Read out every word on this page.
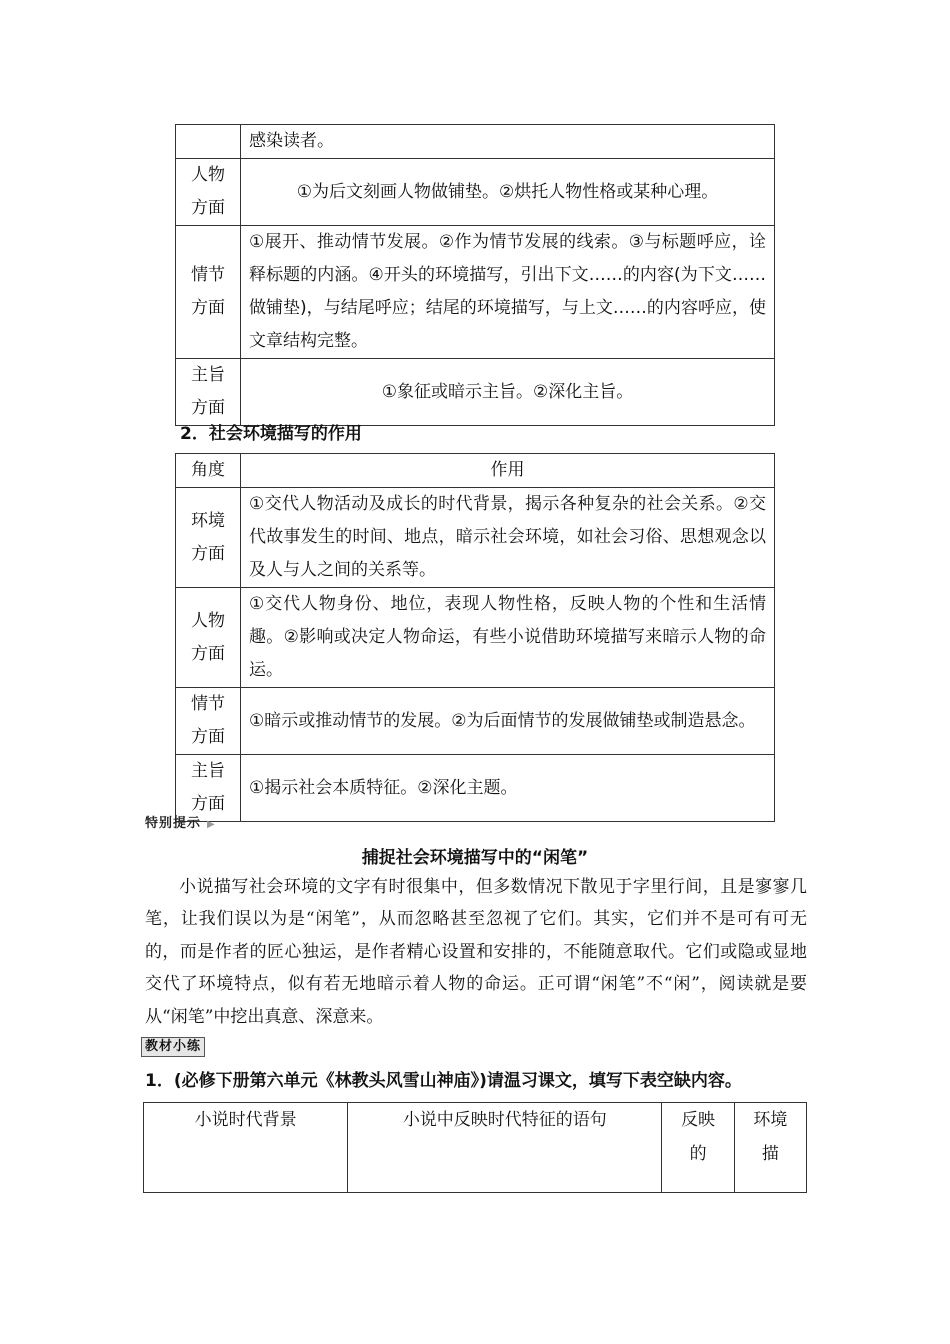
	感染读者。
人物方面	①为后文刻画人物做铺垫。②烘托人物性格或某种心理。
情节方面	①展开、推动情节发展。②作为情节发展的线索。③与标题呼应，诠释标题的内涵。④开头的环境描写，引出下文……的内容(为下文……做铺垫)，与结尾呼应；结尾的环境描写，与上文……的内容呼应，使文章结构完整。
主旨方面	①象征或暗示主旨。②深化主旨。
2．社会环境描写的作用
角度	作用
环境方面	①交代人物活动及成长的时代背景，揭示各种复杂的社会关系。②交代故事发生的时间、地点，暗示社会环境，如社会习俗、思想观念以及人与人之间的关系等。
人物方面	①交代人物身份、地位，表现人物性格，反映人物的个性和生活情趣。②影响或决定人物命运，有些小说借助环境描写来暗示人物的命运。
情节方面	①暗示或推动情节的发展。②为后面情节的发展做铺垫或制造悬念。
主旨方面	①揭示社会本质特征。②深化主题。
特别提示 ▶
捕捉社会环境描写中的“闲笔”

小说描写社会环境的文字有时很集中，但多数情况下散见于字里行间，且是寥寥几笔，让我们误以为是“闲笔”，从而忽略甚至忽视了它们。其实，它们并不是可有可无的，而是作者的匠心独运，是作者精心设置和安排的，不能随意取代。它们或隐或显地交代了环境特点，似有若无地暗示着人物的命运。正可谓“闲笔”不“闲”，阅读就是要从“闲笔”中挖出真意、深意来。

教材小练
1．(必修下册第六单元《林教头风雪山神庙》)请温习课文，填写下表空缺内容。
小说时代背景	小说中反映时代特征的语句	反映的	环境描
